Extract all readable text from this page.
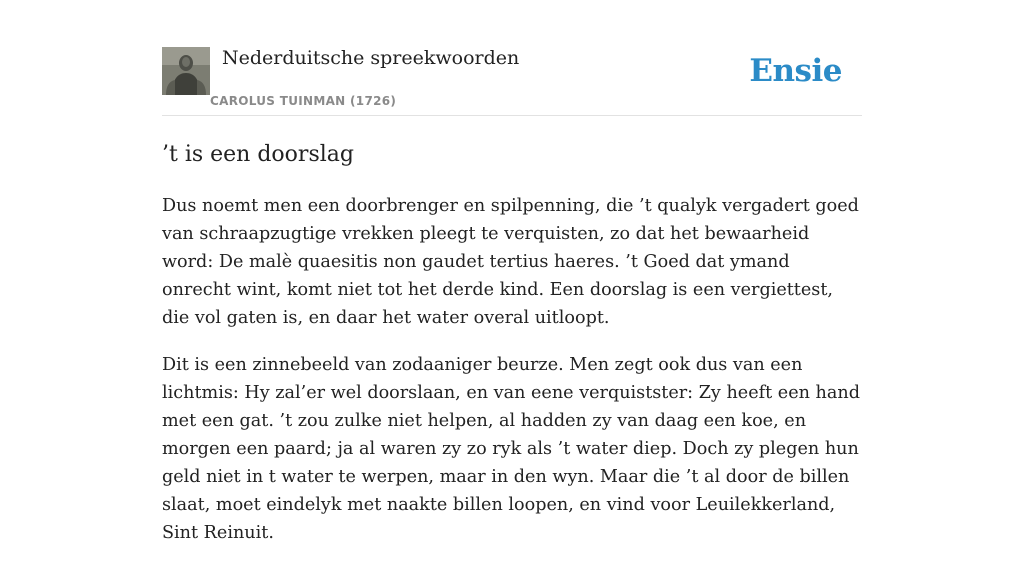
Nederduitsche spreekwoorden
CAROLUS TUINMAN (1726)
Ensie
’t is een doorslag

Dus noemt men een doorbrenger en spilpenning, die ’t qualyk vergadert goed van schraapzugtige vrekken pleegt te verquisten, zo dat het bewaarheid word: De malè quaesitis non gaudet tertius haeres. ’t Goed dat ymand onrecht wint, komt niet tot het derde kind. Een doorslag is een vergiettest, die vol gaten is, en daar het water overal uitloopt.

Dit is een zinnebeeld van zodaaniger beurze. Men zegt ook dus van een lichtmis: Hy zal’er wel doorslaan, en van eene verquistster: Zy heeft een hand met een gat. ’t zou zulke niet helpen, al hadden zy van daag een koe, en morgen een paard; ja al waren zy zo ryk als ’t water diep. Doch zy plegen hun geld niet in t water te werpen, maar in den wyn. Maar die ’t al door de billen slaat, moet eindelyk met naakte billen loopen, en vind voor Leuilekkerland, Sint Reinuit.
